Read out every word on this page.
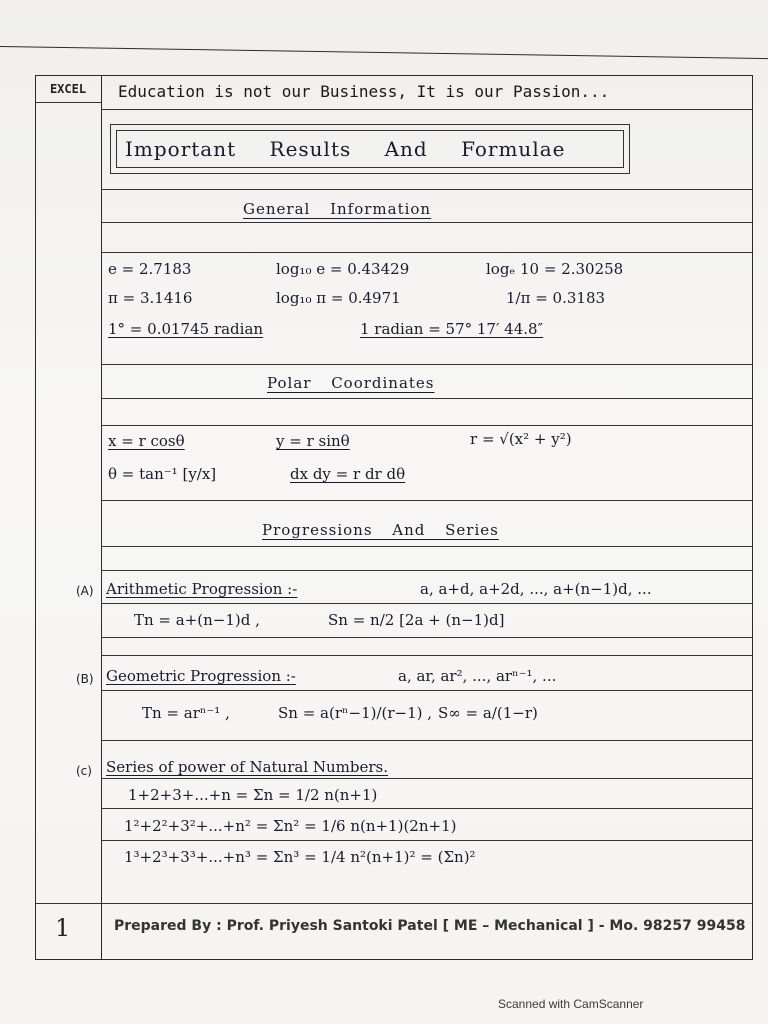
EXCEL	Education is not our Business, It is our Passion...
Important Results And Formulae
General Information
e = 2.7183	log₁₀ e = 0.43429	logₑ 10 = 2.30258
π = 3.1416	log₁₀ π = 0.4971	1/π = 0.3183
1° = 0.01745 radian	1 radian = 57° 17′ 44.8″
Polar Coordinates
x = r cosθ	y = r sinθ	r = √(x² + y²)
θ = tan⁻¹ [y/x]	dx dy = r dr dθ
Progressions And Series
(A) Arithmetic Progression :-	a, a+d, a+2d, ..., a+(n−1)d, ...
Tn = a+(n−1)d ,	Sn = n/2 [2a + (n−1)d]
(B) Geometric Progression :-	a, ar, ar², ..., arⁿ⁻¹, ...
Tn = arⁿ⁻¹ ,	Sn = a(rⁿ−1)/(r−1) , S∞ = a/(1−r)
(c) Series of power of Natural Numbers.
1+2+3+...+n = Σn = 1/2 n(n+1)
1²+2²+3²+...+n² = Σn² = 1/6 n(n+1)(2n+1)
1³+2³+3³+...+n³ = Σn³ = 1/4 n²(n+1)² = (Σn)²
1	Prepared By : Prof. Priyesh Santoki Patel [ ME – Mechanical ] - Mo. 98257 99458
Scanned with CamScanner
